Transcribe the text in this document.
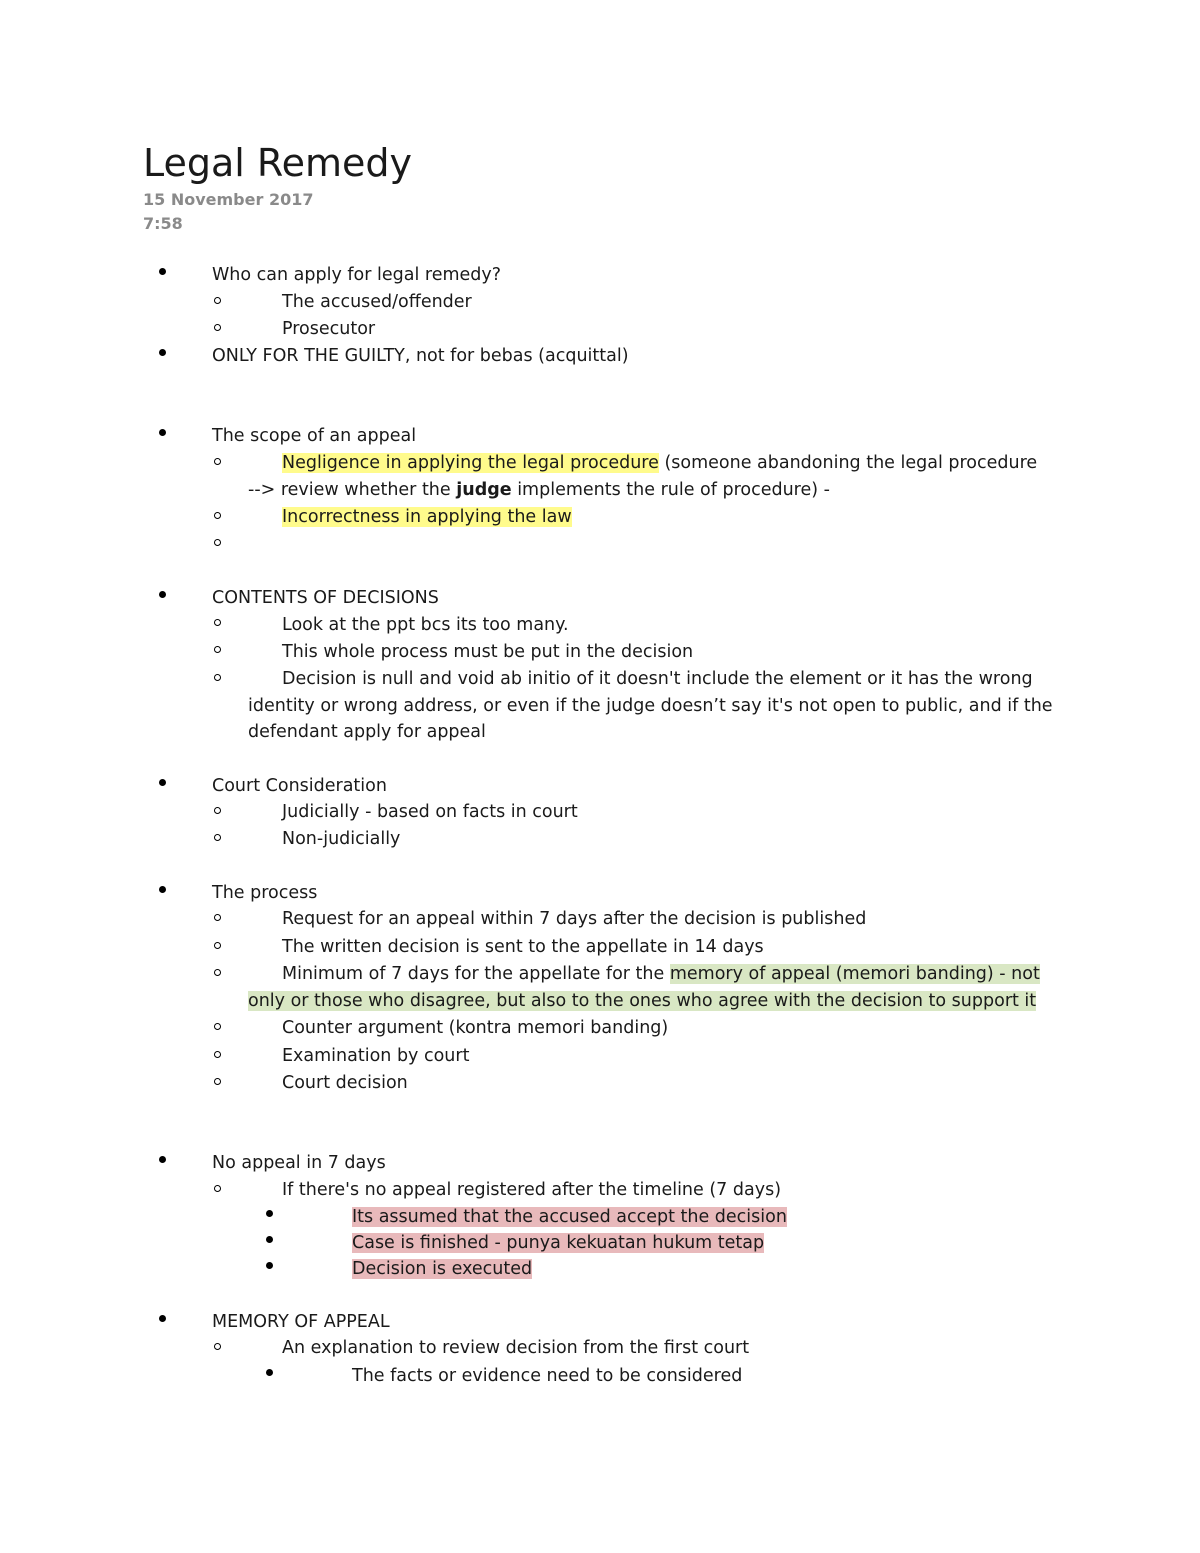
Legal Remedy
15 November 2017
7:58
Who can apply for legal remedy?
The accused/offender
Prosecutor
ONLY FOR THE GUILTY, not for bebas (acquittal)
The scope of an appeal
Negligence in applying the legal procedure (someone abandoning the legal procedure
--> review whether the judge implements the rule of procedure) -
Incorrectness in applying the law
CONTENTS OF DECISIONS
Look at the ppt bcs its too many.
This whole process must be put in the decision
Decision is null and void ab initio of it doesn't include the element or it has the wrong
identity or wrong address, or even if the judge doesn’t say it's not open to public, and if the
defendant apply for appeal
Court Consideration
Judicially - based on facts in court
Non-judicially
The process
Request for an appeal within 7 days after the decision is published
The written decision is sent to the appellate in 14 days
Minimum of 7 days for the appellate for the memory of appeal (memori banding) - not
only or those who disagree, but also to the ones who agree with the decision to support it
Counter argument (kontra memori banding)
Examination by court
Court decision
No appeal in 7 days
If there's no appeal registered after the timeline (7 days)
Its assumed that the accused accept the decision
Case is finished - punya kekuatan hukum tetap
Decision is executed
MEMORY OF APPEAL
An explanation to review decision from the first court
The facts or evidence need to be considered
